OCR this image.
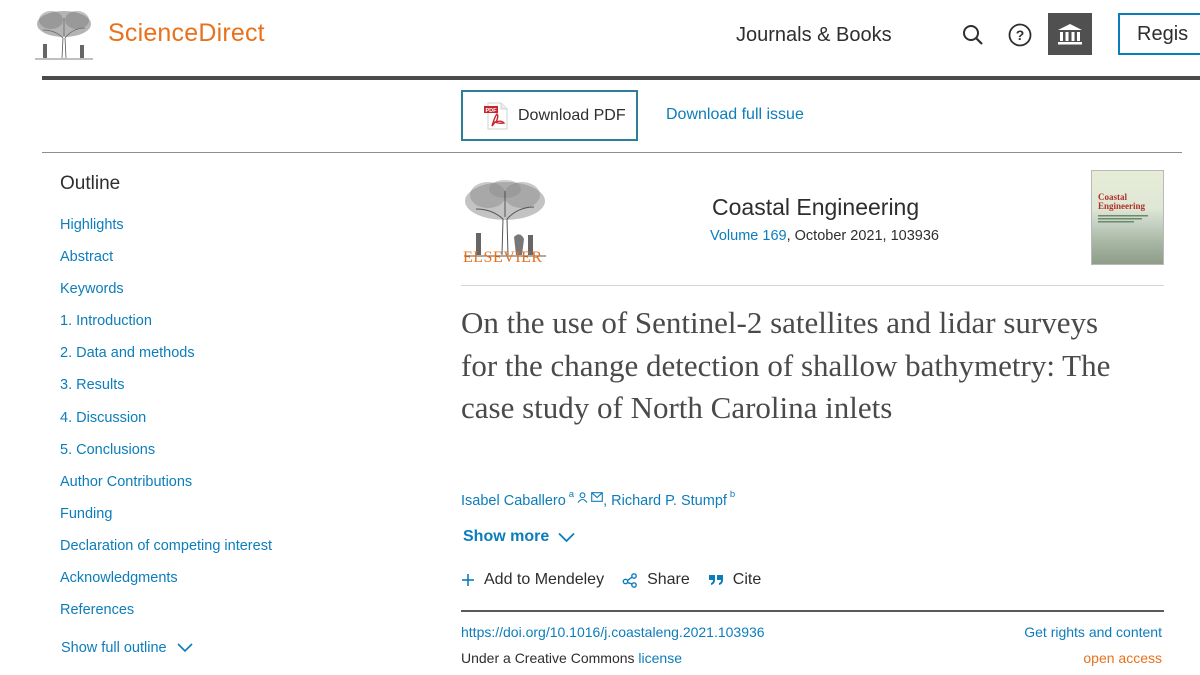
ScienceDirect	Journals & Books	?	Regis
PDF Download PDF	Download full issue
Outline
Highlights
Abstract
Keywords
1. Introduction
2. Data and methods
3. Results
4. Discussion
5. Conclusions
Author Contributions
Funding
Declaration of competing interest
Acknowledgments
References
Show full outline
ELSEVIER
Coastal Engineering
Volume 169, October 2021, 103936
Coastal Engineering
On the use of Sentinel-2 satellites and lidar surveys for the change detection of shallow bathymetry: The case study of North Carolina inlets
Isabel Caballero $^a$ , Richard P. Stumpf $^b$
Show more
Add to Mendeley	Share	Cite
https://doi.org/10.1016/j.coastaleng.2021.103936
Under a Creative Commons license
Get rights and content
open access
